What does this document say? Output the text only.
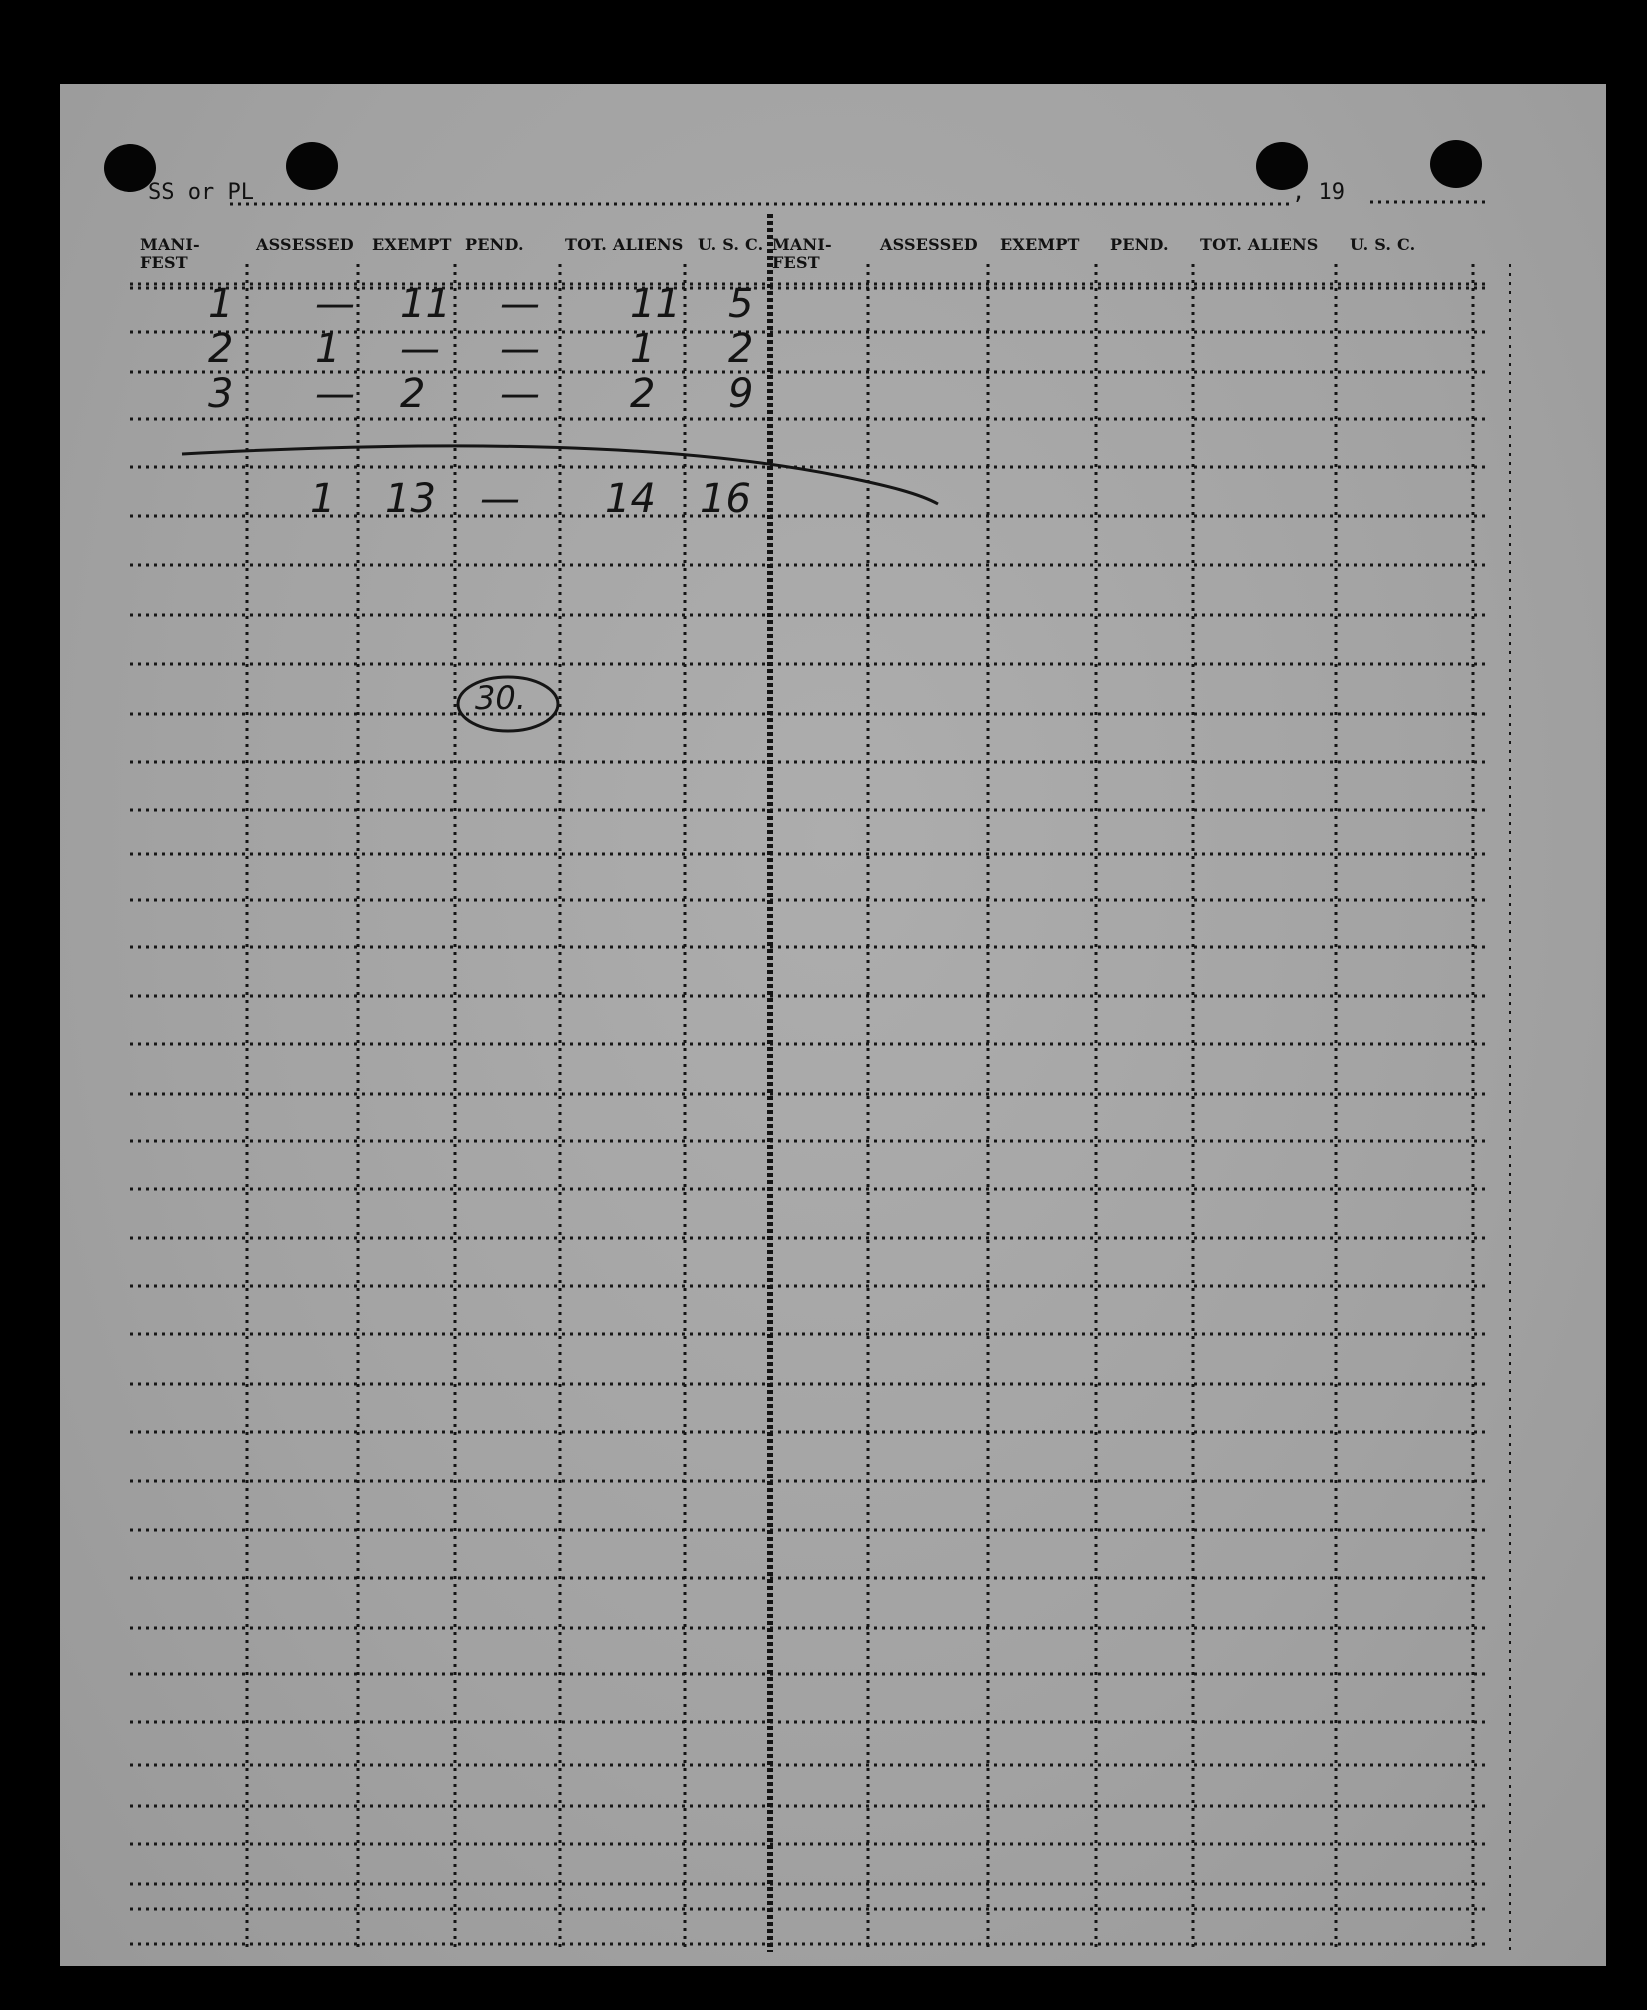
SS or PL	, 19
MANI-
FEST
ASSESSED EXEMPT PEND.	TOT. ALIENS U. S. C. MANI-
FEST
ASSESSED EXEMPT PEND. TOT. ALIENS U. S. C.
1 — 11 — 11 5
2 1 — — 1 2
3 — 2 — 2 9
1 13 — 14 16
30.
